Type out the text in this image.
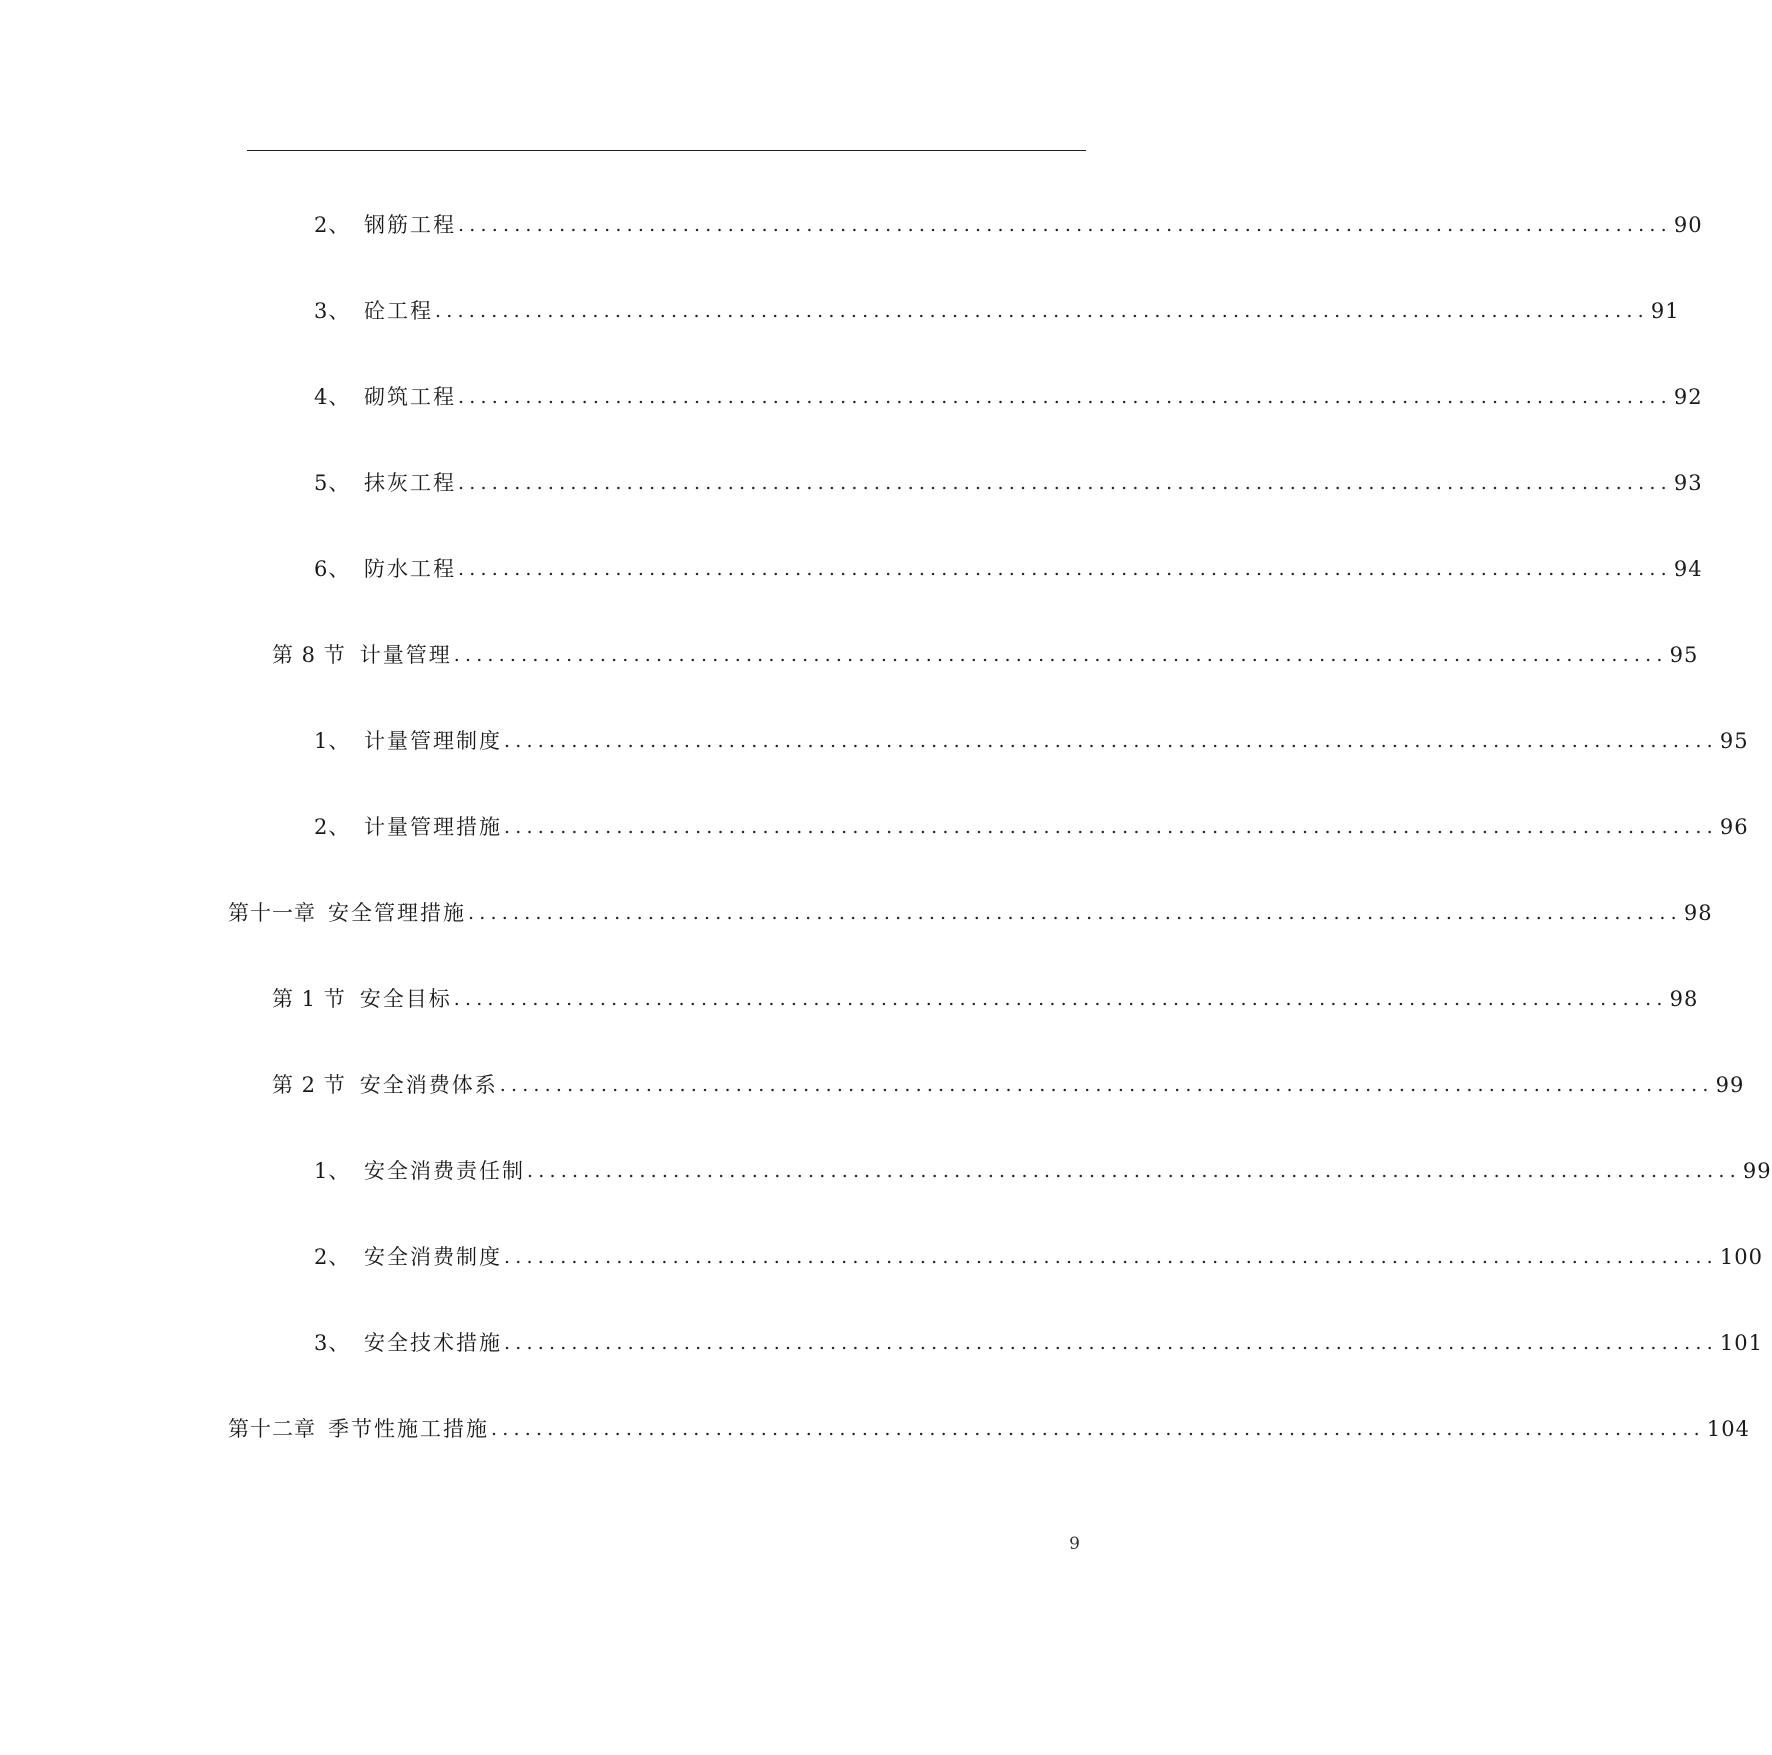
2、 钢筋工程 ............................................................................................................ 90
3、 砼工程 ............................................................................................................ 91
4、 砌筑工程 ............................................................................................................ 92
5、 抹灰工程 ............................................................................................................ 93
6、 防水工程 ............................................................................................................ 94
第 8 节 计量管理 ............................................................................................................ 95
1、 计量管理制度 ............................................................................................................ 95
2、 计量管理措施 ............................................................................................................ 96
第十一章 安全管理措施 ............................................................................................................ 98
第 1 节 安全目标 ............................................................................................................ 98
第 2 节 安全消费体系 ............................................................................................................ 99
1、 安全消费责任制 ............................................................................................................ 99
2、 安全消费制度 ............................................................................................................ 100
3、 安全技术措施 ............................................................................................................ 101
第十二章 季节性施工措施 ............................................................................................................ 104
9
